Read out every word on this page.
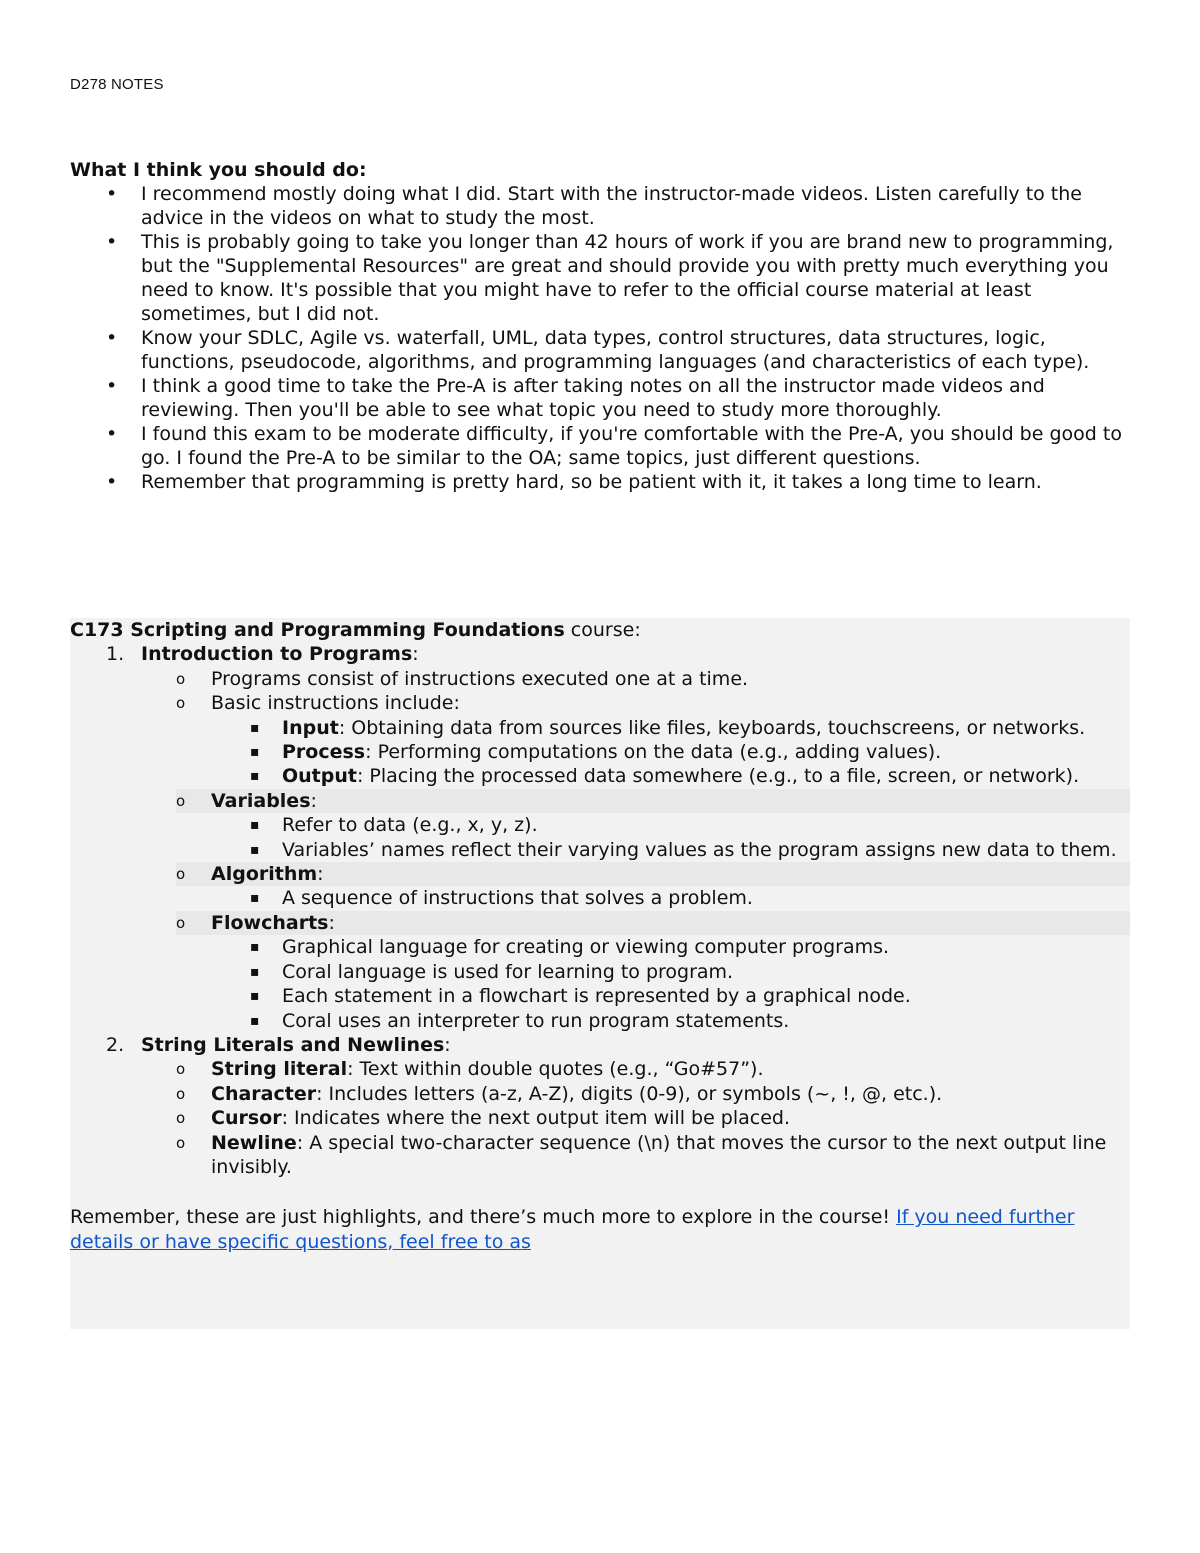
D278 NOTES

What I think you should do:

• I recommend mostly doing what I did. Start with the instructor-made videos. Listen carefully to the advice in the videos on what to study the most.
• This is probably going to take you longer than 42 hours of work if you are brand new to programming, but the "Supplemental Resources" are great and should provide you with pretty much everything you need to know. It's possible that you might have to refer to the official course material at least sometimes, but I did not.
• Know your SDLC, Agile vs. waterfall, UML, data types, control structures, data structures, logic, functions, pseudocode, algorithms, and programming languages (and characteristics of each type).
• I think a good time to take the Pre-A is after taking notes on all the instructor made videos and reviewing. Then you'll be able to see what topic you need to study more thoroughly.
• I found this exam to be moderate difficulty, if you're comfortable with the Pre-A, you should be good to go. I found the Pre-A to be similar to the OA; same topics, just different questions.
• Remember that programming is pretty hard, so be patient with it, it takes a long time to learn.

C173 Scripting and Programming Foundations course:

1. Introduction to Programs:

o Programs consist of instructions executed one at a time.

o Basic instructions include:

▪ Input: Obtaining data from sources like files, keyboards, touchscreens, or networks.

▪ Process: Performing computations on the data (e.g., adding values).

▪ Output: Placing the processed data somewhere (e.g., to a file, screen, or network).

o Variables:

▪ Refer to data (e.g., x, y, z).

▪ Variables’ names reflect their varying values as the program assigns new data to them.

o Algorithm:

▪ A sequence of instructions that solves a problem.

o Flowcharts:

▪ Graphical language for creating or viewing computer programs.

▪ Coral language is used for learning to program.

▪ Each statement in a flowchart is represented by a graphical node.

▪ Coral uses an interpreter to run program statements.

2. String Literals and Newlines:

o String literal: Text within double quotes (e.g., “Go#57”).

o Character: Includes letters (a-z, A-Z), digits (0-9), or symbols (~, !, @, etc.).

o Cursor: Indicates where the next output item will be placed.

o Newline: A special two-character sequence (\n) that moves the cursor to the next output line invisibly.

Remember, these are just highlights, and there’s much more to explore in the course! If you need further details or have specific questions, feel free to as
